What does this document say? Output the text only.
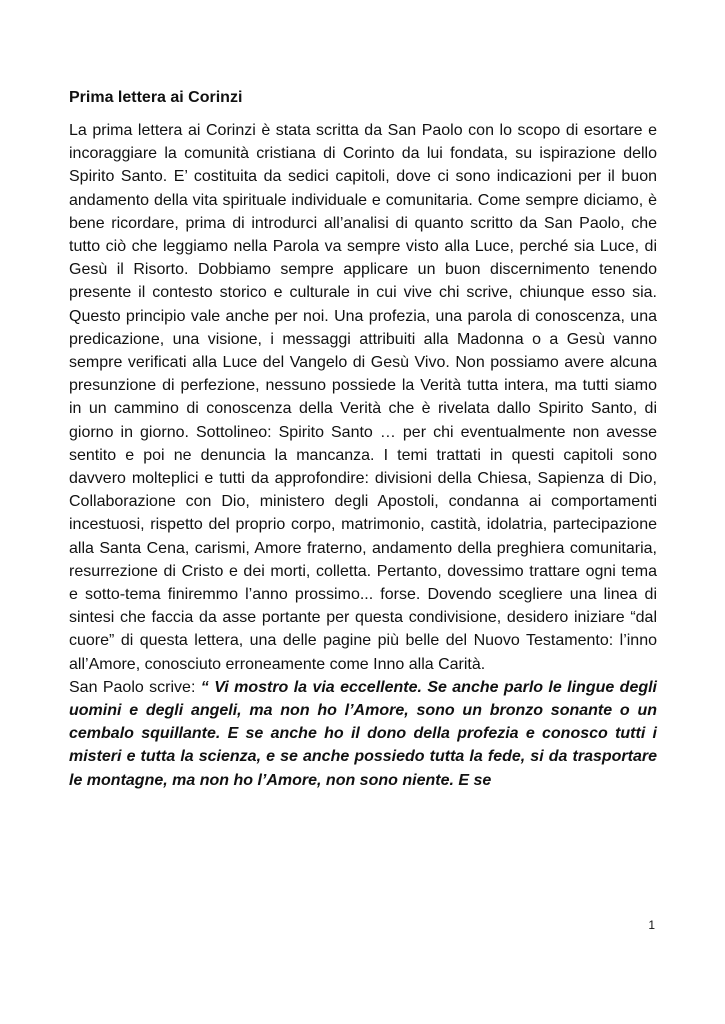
Prima lettera ai Corinzi

La prima lettera ai Corinzi è stata scritta da San Paolo con lo scopo di esortare e incoraggiare la comunità cristiana di Corinto da lui fondata, su ispirazione dello Spirito Santo. E’ costituita da sedici capitoli, dove ci sono indicazioni per il buon andamento della vita spirituale individuale e comunitaria. Come sempre diciamo, è bene ricordare, prima di introdurci all’analisi di quanto scritto da San Paolo, che tutto ciò che leggiamo nella Parola va sempre visto alla Luce, perché sia Luce, di Gesù il Risorto. Dobbiamo sempre applicare un buon discernimento tenendo presente il contesto storico e culturale in cui vive chi scrive, chiunque esso sia. Questo principio vale anche per noi. Una profezia, una parola di conoscenza, una predicazione, una visione, i messaggi attribuiti alla Madonna o a Gesù vanno sempre verificati alla Luce del Vangelo di Gesù Vivo. Non possiamo avere alcuna presunzione di perfezione, nessuno possiede la Verità tutta intera, ma tutti siamo in un cammino di conoscenza della Verità che è rivelata dallo Spirito Santo, di giorno in giorno. Sottolineo: Spirito Santo … per chi eventualmente non avesse sentito e poi ne denuncia la mancanza. I temi trattati in questi capitoli sono davvero molteplici e tutti da approfondire: divisioni della Chiesa, Sapienza di Dio, Collaborazione con Dio, ministero degli Apostoli, condanna ai comportamenti incestuosi, rispetto del proprio corpo, matrimonio, castità, idolatria, partecipazione alla Santa Cena, carismi, Amore fraterno, andamento della preghiera comunitaria, resurrezione di Cristo e dei morti, colletta. Pertanto, dovessimo trattare ogni tema e sotto-tema finiremmo l’anno prossimo... forse. Dovendo scegliere una linea di sintesi che faccia da asse portante per questa condivisione, desidero iniziare “dal cuore” di questa lettera, una delle pagine più belle del Nuovo Testamento: l’inno all’Amore, conosciuto erroneamente come Inno alla Carità.

San Paolo scrive: “ Vi mostro la via eccellente. Se anche parlo le lingue degli uomini e degli angeli, ma non ho l’Amore, sono un bronzo sonante o un cembalo squillante. E se anche ho il dono della profezia e conosco tutti i misteri e tutta la scienza, e se anche possiedo tutta la fede, si da trasportare le montagne, ma non ho l’Amore, non sono niente. E se

1
